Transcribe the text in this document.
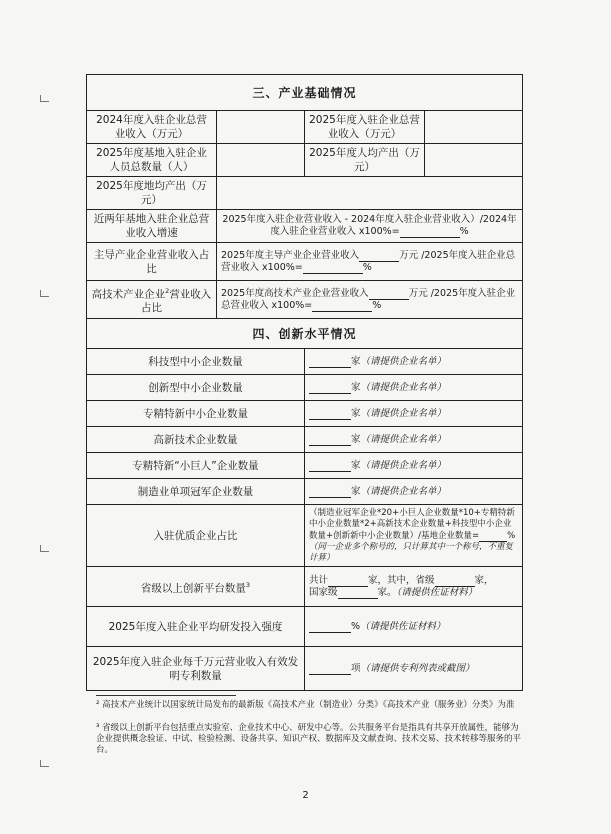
三、产业基础情况			
2024年度入驻企业总营业收入（万元）		2025年度入驻企业总营业收入（万元）	
2025年度基地入驻企业人员总数量（人）		2025年度人均产出（万元）	
2025年度地均产出（万元）			
近两年基地入驻企业总营业收入增速	2025年度入驻企业营业收入 - 2024年度入驻企业营业收入）/2024年度入驻企业营业收入 x100%= %		
主导产业企业营业收入占比	2025年度主导产业企业营业收入 万元 /2025年度入驻企业总营业收入 x100%= %		
高技术产业企业$^2$营业收入占比	2025年度高技术产业企业营业收入 万元 /2025年度入驻企业总营业收入 x100%= %		
四、创新水平情况			
科技型中小企业数量		家（请提供企业名单）	
创新型中小企业数量		家（请提供企业名单）	
专精特新中小企业数量		家（请提供企业名单）	
高新技术企业数量		家（请提供企业名单）	
专精特新“小巨人”企业数量		家（请提供企业名单）	
制造业单项冠军企业数量		家（请提供企业名单）	
入驻优质企业占比		（制造业冠军企业*20+小巨人企业数量*10+专精特新中小企业数量*2+高新技术企业数量+科技型中小企业数量+创新新中小企业数量）/基地企业数量= %（同一企业多个称号的，只计算其中一个称号，不重复计算）	
省级以上创新平台数量$^3$		共计 家，其中，省级 家，
国家级 家。（请提供佐证材料）	
2025年度入驻企业平均研发投入强度		%（请提供佐证材料）	
2025年度入驻企业每千万元营业收入有效发明专利数量		项（请提供专利列表或截图）	
² 高技术产业统计以国家统计局发布的最新版《高技术产业（制造业）分类》《高技术产业（服务业）分类》为准
³ 省级以上创新平台包括重点实验室、企业技术中心、研发中心等。公共服务平台是指具有共享开放属性，能够为企业提供概念验证、中试、检验检测、设备共享、知识产权、数据库及文献查询、技术交易、技术转移等服务的平台。
2
